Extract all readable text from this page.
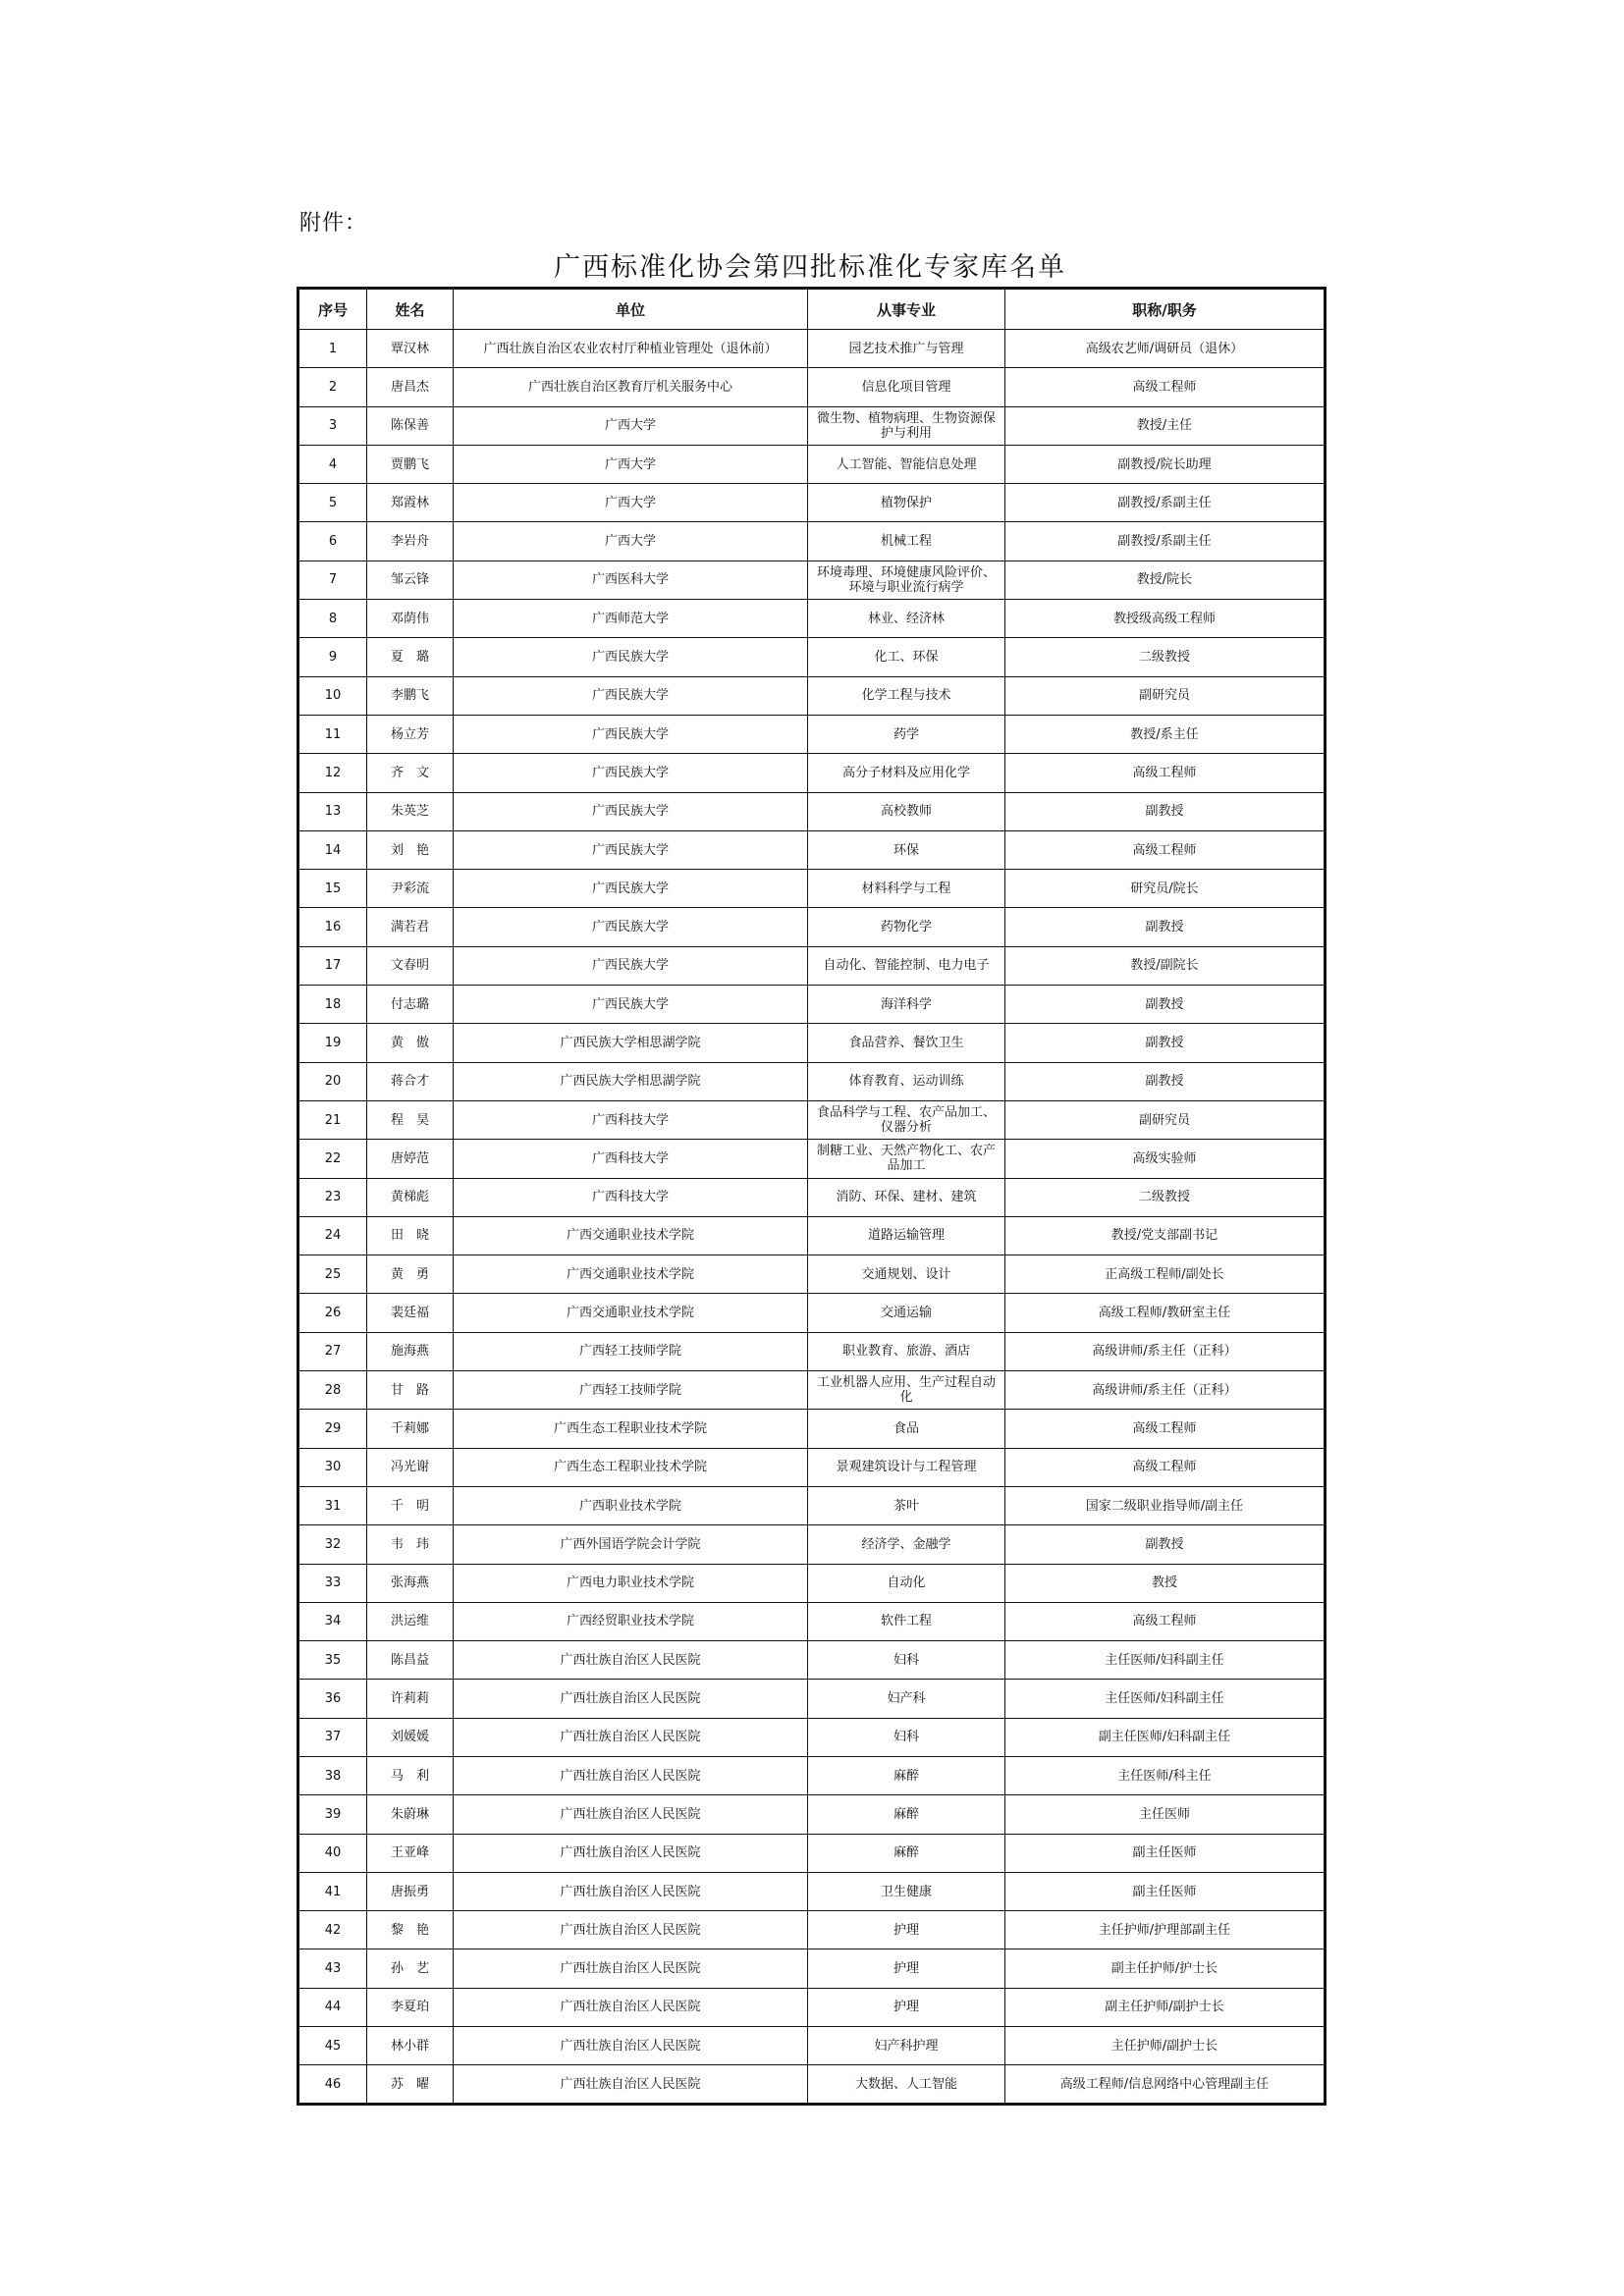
附件：
广西标准化协会第四批标准化专家库名单
序号	姓名	单位	从事专业	职称/职务
1	覃汉林	广西壮族自治区农业农村厅种植业管理处（退休前）	园艺技术推广与管理	高级农艺师/调研员（退休）
2	唐昌杰	广西壮族自治区教育厅机关服务中心	信息化项目管理	高级工程师
3	陈保善	广西大学	微生物、植物病理、生物资源保护与利用	教授/主任
4	贾鹏飞	广西大学	人工智能、智能信息处理	副教授/院长助理
5	郑霞林	广西大学	植物保护	副教授/系副主任
6	李岩舟	广西大学	机械工程	副教授/系副主任
7	邹云锋	广西医科大学	环境毒理、环境健康风险评价、环境与职业流行病学	教授/院长
8	邓荫伟	广西师范大学	林业、经济林	教授级高级工程师
9	夏　璐	广西民族大学	化工、环保	二级教授
10	李鹏飞	广西民族大学	化学工程与技术	副研究员
11	杨立芳	广西民族大学	药学	教授/系主任
12	齐　文	广西民族大学	高分子材料及应用化学	高级工程师
13	朱英芝	广西民族大学	高校教师	副教授
14	刘　艳	广西民族大学	环保	高级工程师
15	尹彩流	广西民族大学	材料科学与工程	研究员/院长
16	满若君	广西民族大学	药物化学	副教授
17	文春明	广西民族大学	自动化、智能控制、电力电子	教授/副院长
18	付志璐	广西民族大学	海洋科学	副教授
19	黄　傲	广西民族大学相思湖学院	食品营养、餐饮卫生	副教授
20	蒋合才	广西民族大学相思湖学院	体育教育、运动训练	副教授
21	程　昊	广西科技大学	食品科学与工程、农产品加工、仪器分析	副研究员
22	唐婷范	广西科技大学	制糖工业、天然产物化工、农产品加工	高级实验师
23	黄梯彪	广西科技大学	消防、环保、建材、建筑	二级教授
24	田　晓	广西交通职业技术学院	道路运输管理	教授/党支部副书记
25	黄　勇	广西交通职业技术学院	交通规划、设计	正高级工程师/副处长
26	裴廷福	广西交通职业技术学院	交通运输	高级工程师/教研室主任
27	施海燕	广西轻工技师学院	职业教育、旅游、酒店	高级讲师/系主任（正科）
28	甘　路	广西轻工技师学院	工业机器人应用、生产过程自动化	高级讲师/系主任（正科）
29	千莉娜	广西生态工程职业技术学院	食品	高级工程师
30	冯光谢	广西生态工程职业技术学院	景观建筑设计与工程管理	高级工程师
31	千　明	广西职业技术学院	茶叶	国家二级职业指导师/副主任
32	韦　玮	广西外国语学院会计学院	经济学、金融学	副教授
33	张海燕	广西电力职业技术学院	自动化	教授
34	洪运维	广西经贸职业技术学院	软件工程	高级工程师
35	陈昌益	广西壮族自治区人民医院	妇科	主任医师/妇科副主任
36	许莉莉	广西壮族自治区人民医院	妇产科	主任医师/妇科副主任
37	刘媛媛	广西壮族自治区人民医院	妇科	副主任医师/妇科副主任
38	马　利	广西壮族自治区人民医院	麻醉	主任医师/科主任
39	朱蔚琳	广西壮族自治区人民医院	麻醉	主任医师
40	王亚峰	广西壮族自治区人民医院	麻醉	副主任医师
41	唐振勇	广西壮族自治区人民医院	卫生健康	副主任医师
42	黎　艳	广西壮族自治区人民医院	护理	主任护师/护理部副主任
43	孙　艺	广西壮族自治区人民医院	护理	副主任护师/护士长
44	李夏珀	广西壮族自治区人民医院	护理	副主任护师/副护士长
45	林小群	广西壮族自治区人民医院	妇产科护理	主任护师/副护士长
46	苏　曜	广西壮族自治区人民医院	大数据、人工智能	高级工程师/信息网络中心管理副主任
